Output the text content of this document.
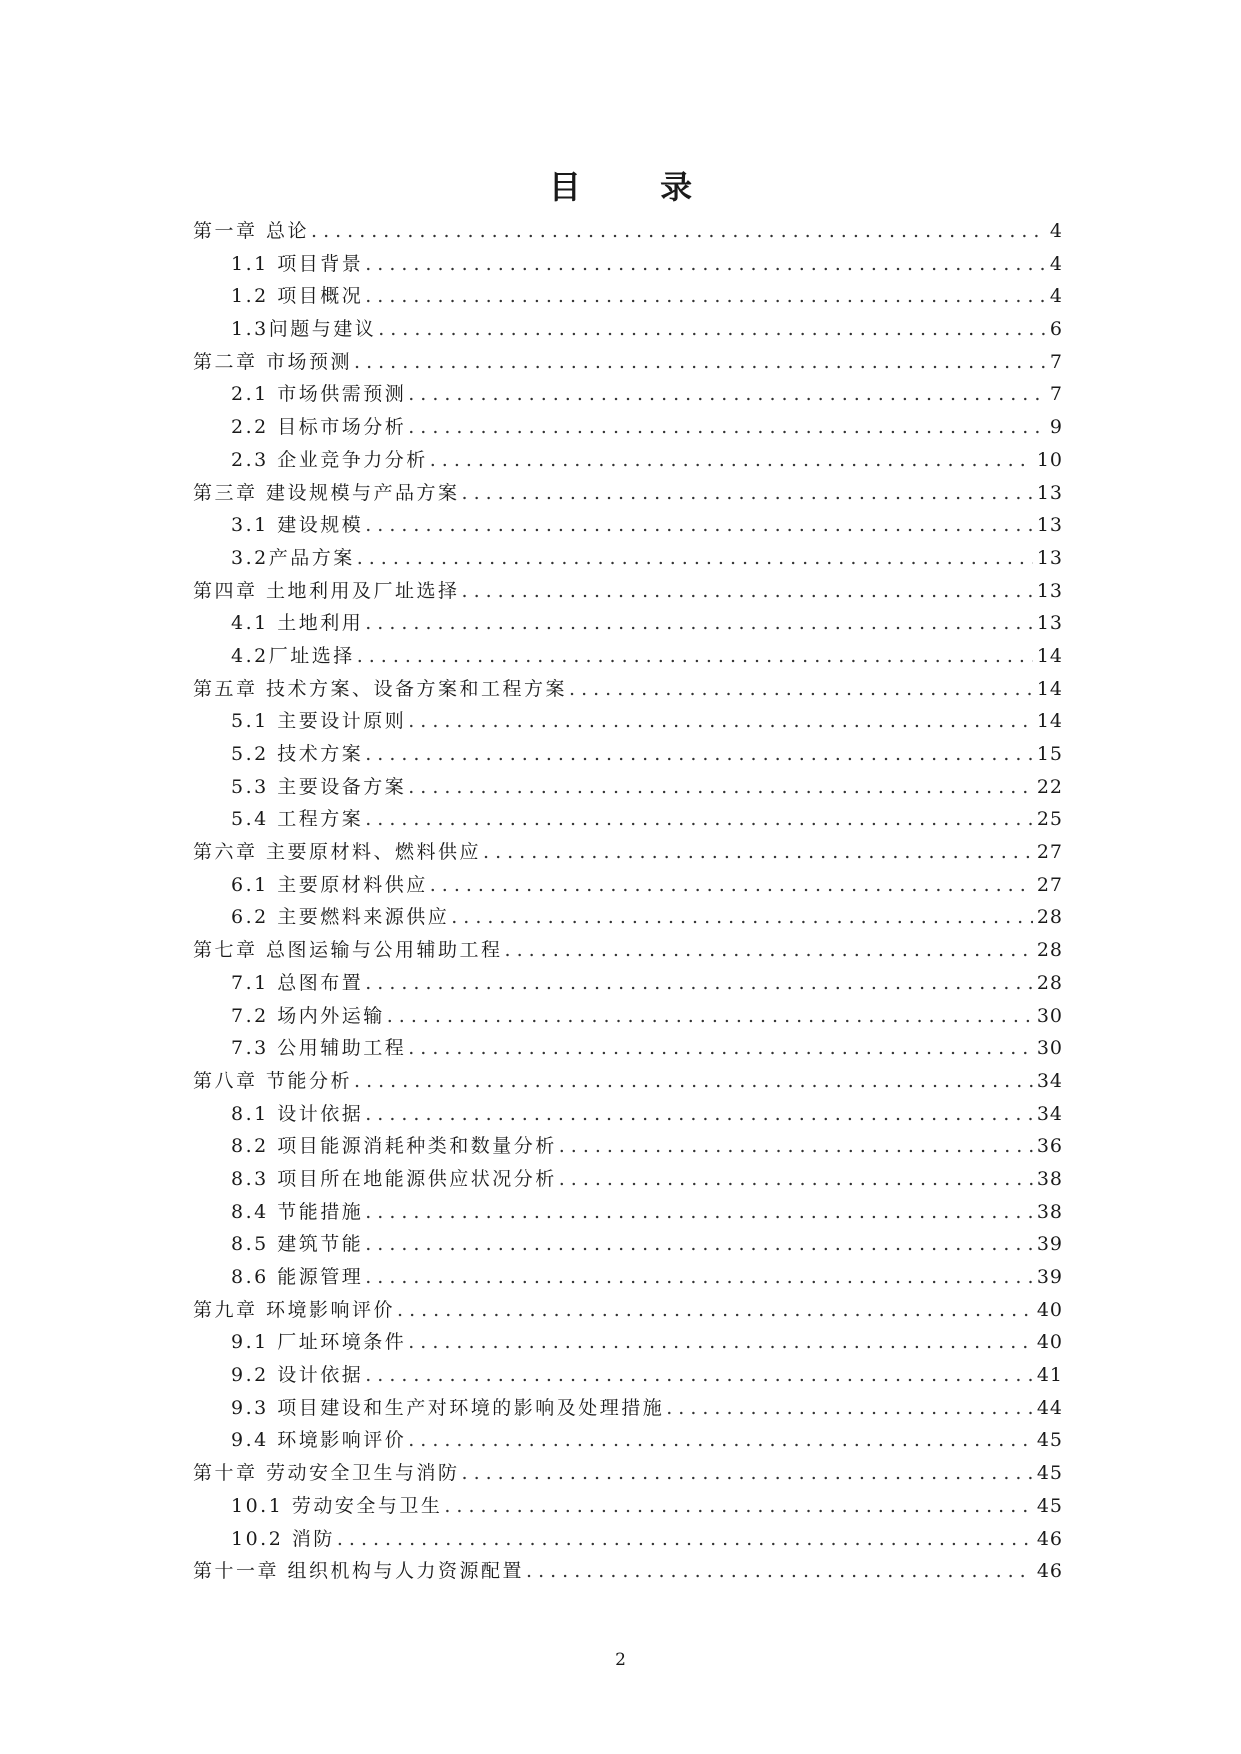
目 录
第一章 总论 .....	4
1.1 项目背景 .....	4
1.2 项目概况 .....	4
1.3问题与建议 .....	6
第二章 市场预测 .....	7
2.1 市场供需预测 .....	7
2.2 目标市场分析 .....	9
2.3 企业竞争力分析 .....	10
第三章 建设规模与产品方案 .....	13
3.1 建设规模 .....	13
3.2产品方案 .....	13
第四章 土地利用及厂址选择 .....	13
4.1 土地利用 .....	13
4.2厂址选择 .....	14
第五章 技术方案、设备方案和工程方案 .....	14
5.1 主要设计原则 .....	14
5.2 技术方案 .....	15
5.3 主要设备方案 .....	22
5.4 工程方案 .....	25
第六章 主要原材料、燃料供应 .....	27
6.1 主要原材料供应 .....	27
6.2 主要燃料来源供应 .....	28
第七章 总图运输与公用辅助工程 .....	28
7.1 总图布置 .....	28
7.2 场内外运输 .....	30
7.3 公用辅助工程 .....	30
第八章 节能分析 .....	34
8.1 设计依据 .....	34
8.2 项目能源消耗种类和数量分析 .....	36
8.3 项目所在地能源供应状况分析 .....	38
8.4 节能措施 .....	38
8.5 建筑节能 .....	39
8.6 能源管理 .....	39
第九章 环境影响评价 .....	40
9.1 厂址环境条件 .....	40
9.2 设计依据 .....	41
9.3 项目建设和生产对环境的影响及处理措施 .....	44
9.4 环境影响评价 .....	45
第十章 劳动安全卫生与消防 .....	45
10.1 劳动安全与卫生 .....	45
10.2 消防 .....	46
第十一章 组织机构与人力资源配置 .....	46
2
